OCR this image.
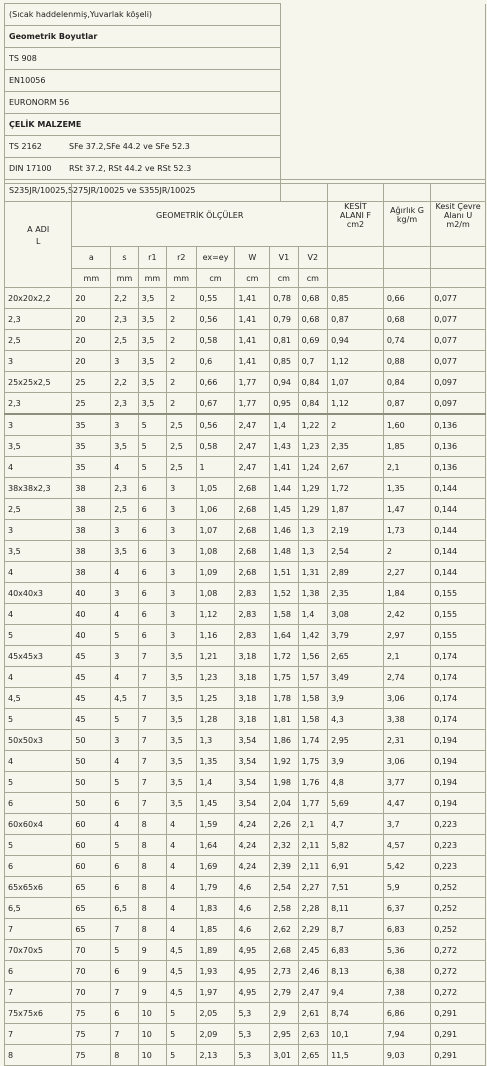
(Sıcak haddelenmiş,Yuvarlak köşeli)	
Geometrik Boyutlar	
TS 908	
EN10056	
EURONORM 56	
ÇELİK MALZEME	
TS 2162 SFe 37.2,SFe 44.2 ve SFe 52.3	
DIN 17100 RSt 37.2, RSt 44.2 ve RSt 52.3	
S235JR/10025,S275JR/10025 ve S355JR/10025	
A ADI
L	GEOMETRİK ÖLÇÜLER								KESİT ALANI F cm2	Ağırlık G kg/m	Kesit Çevre Alanı U m2/m
	a	s	r1	r2	ex=ey	W	V1	V2			
	mm	mm	mm	mm	cm	cm	cm	cm			
20x20x2,2	20	2,2	3,5	2	0,55	1,41	0,78	0,68	0,85	0,66	0,077
2,3	20	2,3	3,5	2	0,56	1,41	0,79	0,68	0,87	0,68	0,077
2,5	20	2,5	3,5	2	0,58	1,41	0,81	0,69	0,94	0,74	0,077
3	20	3	3,5	2	0,6	1,41	0,85	0,7	1,12	0,88	0,077
25x25x2,5	25	2,2	3,5	2	0,66	1,77	0,94	0,84	1,07	0,84	0,097
2,3	25	2,3	3,5	2	0,67	1,77	0,95	0,84	1,12	0,87	0,097
3	35	3	5	2,5	0,56	2,47	1,4	1,22	2	1,60	0,136
3,5	35	3,5	5	2,5	0,58	2,47	1,43	1,23	2,35	1,85	0,136
4	35	4	5	2,5	1	2,47	1,41	1,24	2,67	2,1	0,136
38x38x2,3	38	2,3	6	3	1,05	2,68	1,44	1,29	1,72	1,35	0,144
2,5	38	2,5	6	3	1,06	2,68	1,45	1,29	1,87	1,47	0,144
3	38	3	6	3	1,07	2,68	1,46	1,3	2,19	1,73	0,144
3,5	38	3,5	6	3	1,08	2,68	1,48	1,3	2,54	2	0,144
4	38	4	6	3	1,09	2,68	1,51	1,31	2,89	2,27	0,144
40x40x3	40	3	6	3	1,08	2,83	1,52	1,38	2,35	1,84	0,155
4	40	4	6	3	1,12	2,83	1,58	1,4	3,08	2,42	0,155
5	40	5	6	3	1,16	2,83	1,64	1,42	3,79	2,97	0,155
45x45x3	45	3	7	3,5	1,21	3,18	1,72	1,56	2,65	2,1	0,174
4	45	4	7	3,5	1,23	3,18	1,75	1,57	3,49	2,74	0,174
4,5	45	4,5	7	3,5	1,25	3,18	1,78	1,58	3,9	3,06	0,174
5	45	5	7	3,5	1,28	3,18	1,81	1,58	4,3	3,38	0,174
50x50x3	50	3	7	3,5	1,3	3,54	1,86	1,74	2,95	2,31	0,194
4	50	4	7	3,5	1,35	3,54	1,92	1,75	3,9	3,06	0,194
5	50	5	7	3,5	1,4	3,54	1,98	1,76	4,8	3,77	0,194
6	50	6	7	3,5	1,45	3,54	2,04	1,77	5,69	4,47	0,194
60x60x4	60	4	8	4	1,59	4,24	2,26	2,1	4,7	3,7	0,223
5	60	5	8	4	1,64	4,24	2,32	2,11	5,82	4,57	0,223
6	60	6	8	4	1,69	4,24	2,39	2,11	6,91	5,42	0,223
65x65x6	65	6	8	4	1,79	4,6	2,54	2,27	7,51	5,9	0,252
6,5	65	6,5	8	4	1,83	4,6	2,58	2,28	8,11	6,37	0,252
7	65	7	8	4	1,85	4,6	2,62	2,29	8,7	6,83	0,252
70x70x5	70	5	9	4,5	1,89	4,95	2,68	2,45	6,83	5,36	0,272
6	70	6	9	4,5	1,93	4,95	2,73	2,46	8,13	6,38	0,272
7	70	7	9	4,5	1,97	4,95	2,79	2,47	9,4	7,38	0,272
75x75x6	75	6	10	5	2,05	5,3	2,9	2,61	8,74	6,86	0,291
7	75	7	10	5	2,09	5,3	2,95	2,63	10,1	7,94	0,291
8	75	8	10	5	2,13	5,3	3,01	2,65	11,5	9,03	0,291
